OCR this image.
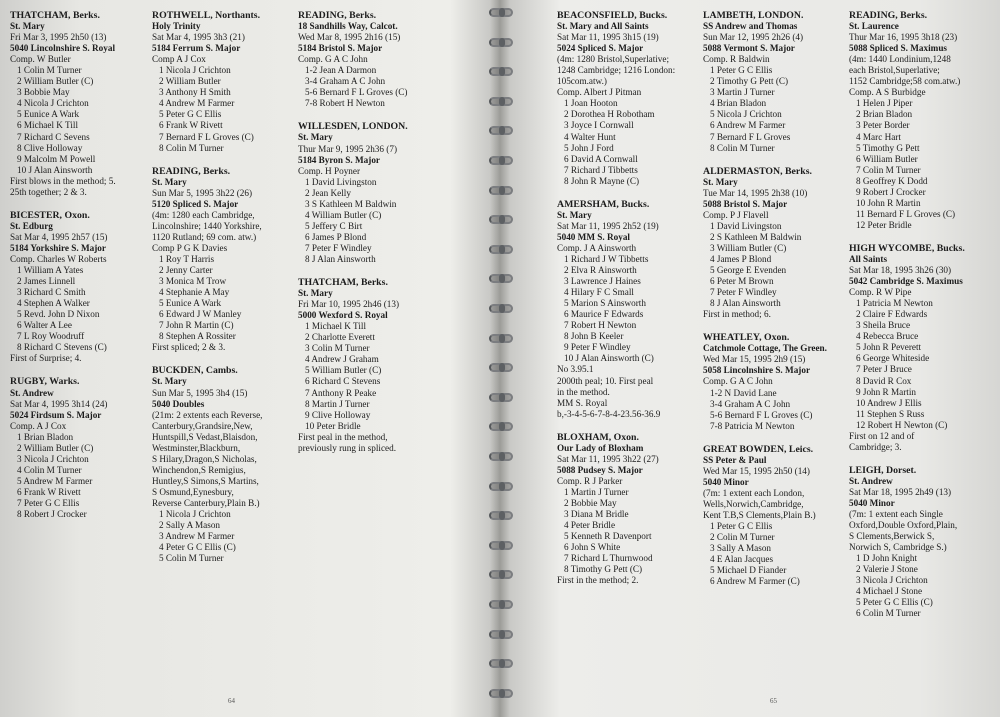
THATCHAM, Berks.
St. Mary
Fri Mar 3, 1995 2h50 (13)
5040 Lincolnshire S. Royal
Comp. W Butler
1 Colin M Turner
2 William Butler (C)
3 Bobbie May
4 Nicola J Crichton
5 Eunice A Wark
6 Michael K Till
7 Richard C Sevens
8 Clive Holloway
9 Malcolm M Powell
10 J Alan Ainsworth
First blows in the method; 5.
25th together; 2 & 3.
BICESTER, Oxon.
St. Edburg
Sat Mar 4, 1995 2h57 (15)
5184 Yorkshire S. Major
Comp. Charles W Roberts
1 William A Yates
2 James Linnell
3 Richard C Smith
4 Stephen A Walker
5 Revd. John D Nixon
6 Walter A Lee
7 L Roy Woodruff
8 Richard C Stevens (C)
First of Surprise; 4.
RUGBY, Warks.
St. Andrew
Sat Mar 4, 1995 3h14 (24)
5024 Firdsum S. Major
Comp. A J Cox
1 Brian Bladon
2 William Butler (C)
3 Nicola J Crichton
4 Colin M Turner
5 Andrew M Farmer
6 Frank W Rivett
7 Peter G C Ellis
8 Robert J Crocker
ROTHWELL, Northants.
Holy Trinity
Sat Mar 4, 1995 3h3 (21)
5184 Ferrum S. Major
Comp A J Cox
1 Nicola J Crichton
2 William Butler
3 Anthony H Smith
4 Andrew M Farmer
5 Peter G C Ellis
6 Frank W Rivett
7 Bernard F L Groves (C)
8 Colin M Turner
READING, Berks.
St. Mary
Sun Mar 5, 1995 3h22 (26)
5120 Spliced S. Major
(4m: 1280 each Cambridge,
Lincolnshire; 1440 Yorkshire,
1120 Rutland; 69 com. atw.)
Comp P G K Davies
1 Roy T Harris
2 Jenny Carter
3 Monica M Trow
4 Stephanie A May
5 Eunice A Wark
6 Edward J W Manley
7 John R Martin (C)
8 Stephen A Rossiter
First spliced; 2 & 3.
BUCKDEN, Cambs.
St. Mary
Sun Mar 5, 1995 3h4 (15)
5040 Doubles
(21m: 2 extents each Reverse,
Canterbury,Grandsire,New,
Huntspill,S Vedast,Blaisdon,
Westminster,Blackburn,
S Hilary,Dragon,S Nicholas,
Winchendon,S Remigius,
Huntley,S Simons,S Martins,
S Osmund,Eynesbury,
Reverse Canterbury,Plain B.)
1 Nicola J Crichton
2 Sally A Mason
3 Andrew M Farmer
4 Peter G C Ellis (C)
5 Colin M Turner
READING, Berks.
18 Sandhills Way, Calcot.
Wed Mar 8, 1995 2h16 (15)
5184 Bristol S. Major
Comp. G A C John
1-2 Jean A Darmon
3-4 Graham A C John
5-6 Bernard F L Groves (C)
7-8 Robert H Newton
WILLESDEN, LONDON.
St. Mary
Thur Mar 9, 1995 2h36 (7)
5184 Byron S. Major
Comp. H Poyner
1 David Livingston
2 Jean Kelly
3 S Kathleen M Baldwin
4 William Butler (C)
5 Jeffery C Birt
6 James P Blond
7 Peter F Windley
8 J Alan Ainsworth
THATCHAM, Berks.
St. Mary
Fri Mar 10, 1995 2h46 (13)
5000 Wexford S. Royal
1 Michael K Till
2 Charlotte Everett
3 Colin M Turner
4 Andrew J Graham
5 William Butler (C)
6 Richard C Stevens
7 Anthony R Peake
8 Martin J Turner
9 Clive Holloway
10 Peter Bridle
First peal in the method,
previously rung in spliced.
BEACONSFIELD, Bucks.
St. Mary and All Saints
Sat Mar 11, 1995 3h15 (19)
5024 Spliced S. Major
(4m: 1280 Bristol,Superlative;
1248 Cambridge; 1216 London:
105com.atw.)
Comp. Albert J Pitman
1 Joan Hooton
2 Dorothea H Robotham
3 Joyce I Cornwall
4 Walter Hunt
5 John J Ford
6 David A Cornwall
7 Richard J Tibbetts
8 John R Mayne (C)
AMERSHAM, Bucks.
St. Mary
Sat Mar 11, 1995 2h52 (19)
5040 MM S. Royal
Comp. J A Ainsworth
1 Richard J W Tibbetts
2 Elva R Ainsworth
3 Lawrence J Haines
4 Hilary F C Small
5 Marion S Ainsworth
6 Maurice F Edwards
7 Robert H Newton
8 John B Keeler
9 Peter F Windley
10 J Alan Ainsworth (C)
No 3.95.1
2000th peal; 10. First peal
in the method.
MM S. Royal
b,-3-4-5-6-7-8-4-23.56-36.9
BLOXHAM, Oxon.
Our Lady of Bloxham
Sat Mar 11, 1995 3h22 (27)
5088 Pudsey S. Major
Comp. R J Parker
1 Martin J Turner
2 Bobbie May
3 Diana M Bridle
4 Peter Bridle
5 Kenneth R Davenport
6 John S White
7 Richard L Thurnwood
8 Timothy G Pett (C)
First in the method; 2.
LAMBETH, LONDON.
SS Andrew and Thomas
Sun Mar 12, 1995 2h26 (4)
5088 Vermont S. Major
Comp. R Baldwin
1 Peter G C Ellis
2 Timothy G Pett (C)
3 Martin J Turner
4 Brian Bladon
5 Nicola J Crichton
6 Andrew M Farmer
7 Bernard F L Groves
8 Colin M Turner
ALDERMASTON, Berks.
St. Mary
Tue Mar 14, 1995 2h38 (10)
5088 Bristol S. Major
Comp. P J Flavell
1 David Livingston
2 S Kathleen M Baldwin
3 William Butler (C)
4 James P Blond
5 George E Evenden
6 Peter M Brown
7 Peter F Windley
8 J Alan Ainsworth
First in method; 6.
WHEATLEY, Oxon.
Catchmole Cottage, The Green.
Wed Mar 15, 1995 2h9 (15)
5058 Lincolnshire S. Major
Comp. G A C John
1-2 N David Lane
3-4 Graham A C John
5-6 Bernard F L Groves (C)
7-8 Patricia M Newton
GREAT BOWDEN, Leics.
SS Peter & Paul
Wed Mar 15, 1995 2h50 (14)
5040 Minor
(7m: 1 extent each London,
Wells,Norwich,Cambridge,
Kent T.B,S Clements,Plain B.)
1 Peter G C Ellis
2 Colin M Turner
3 Sally A Mason
4 E Alan Jacques
5 Michael D Fiander
6 Andrew M Farmer (C)
READING, Berks.
St. Laurence
Thur Mar 16, 1995 3h18 (23)
5088 Spliced S. Maximus
(4m: 1440 Londinium,1248
each Bristol,Superlative;
1152 Cambridge;58 com.atw.)
Comp. A S Burbidge
1 Helen J Piper
2 Brian Bladon
3 Peter Border
4 Marc Hart
5 Timothy G Pett
6 William Butler
7 Colin M Turner
8 Geoffrey K Dodd
9 Robert J Crocker
10 John R Martin
11 Bernard F L Groves (C)
12 Peter Bridle
HIGH WYCOMBE, Bucks.
All Saints
Sat Mar 18, 1995 3h26 (30)
5042 Cambridge S. Maximus
Comp. R W Pipe
1 Patricia M Newton
2 Claire F Edwards
3 Sheila Bruce
4 Rebecca Bruce
5 John R Peverett
6 George Whiteside
7 Peter J Bruce
8 David R Cox
9 John R Martin
10 Andrew J Ellis
11 Stephen S Russ
12 Robert H Newton (C)
First on 12 and of
Cambridge; 3.
LEIGH, Dorset.
St. Andrew
Sat Mar 18, 1995 2h49 (13)
5040 Minor
(7m: 1 extent each Single
Oxford,Double Oxford,Plain,
S Clements,Berwick S,
Norwich S, Cambridge S.)
1 D John Knight
2 Valerie J Stone
3 Nicola J Crichton
4 Michael J Stone
5 Peter G C Ellis (C)
6 Colin M Turner
64	65
